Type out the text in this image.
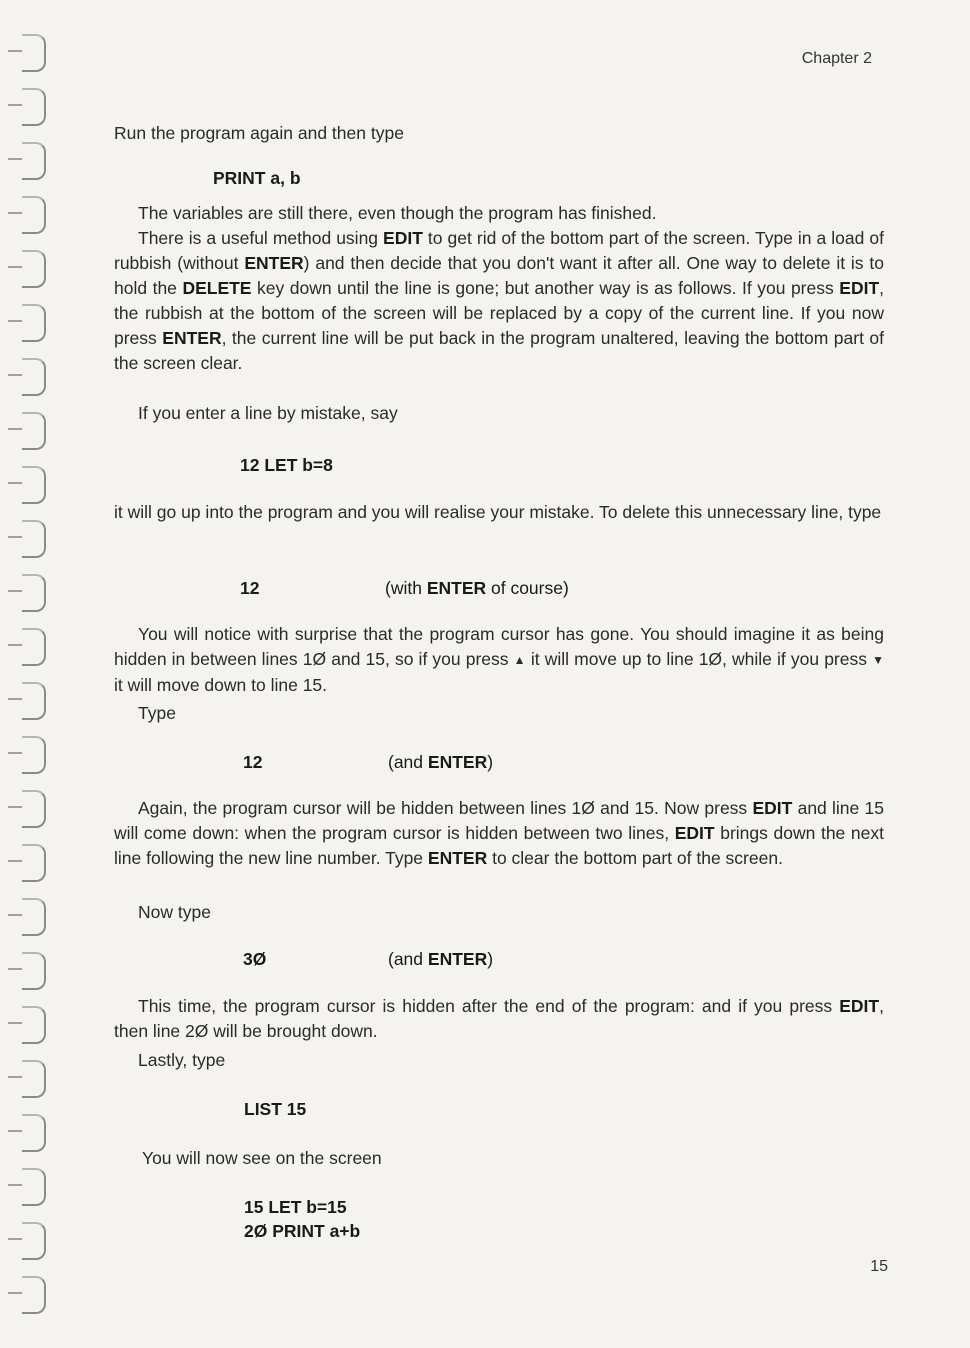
Chapter 2

Run the program again and then type

PRINT a, b

The variables are still there, even though the program has finished.

There is a useful method using EDIT to get rid of the bottom part of the screen. Type in a load of rubbish (without ENTER) and then decide that you don't want it after all. One way to delete it is to hold the DELETE key down until the line is gone; but another way is as follows. If you press EDIT, the rubbish at the bottom of the screen will be replaced by a copy of the current line. If you now press ENTER, the current line will be put back in the program unaltered, leaving the bottom part of the screen clear.

If you enter a line by mistake, say

12 LET b=8

it will go up into the program and you will realise your mistake. To delete this unnecessary line, type

12	(with ENTER of course)

You will notice with surprise that the program cursor has gone. You should imagine it as being hidden in between lines 1Ø and 15, so if you press ▲ it will move up to line 1Ø, while if you press ▼ it will move down to line 15.

Type

12	(and ENTER)

Again, the program cursor will be hidden between lines 1Ø and 15. Now press EDIT and line 15 will come down: when the program cursor is hidden between two lines, EDIT brings down the next line following the new line number. Type ENTER to clear the bottom part of the screen.

Now type

3Ø	(and ENTER)

This time, the program cursor is hidden after the end of the program: and if you press EDIT, then line 2Ø will be brought down.

Lastly, type

LIST 15

You will now see on the screen

15 LET b=15
2Ø PRINT a+b
15
